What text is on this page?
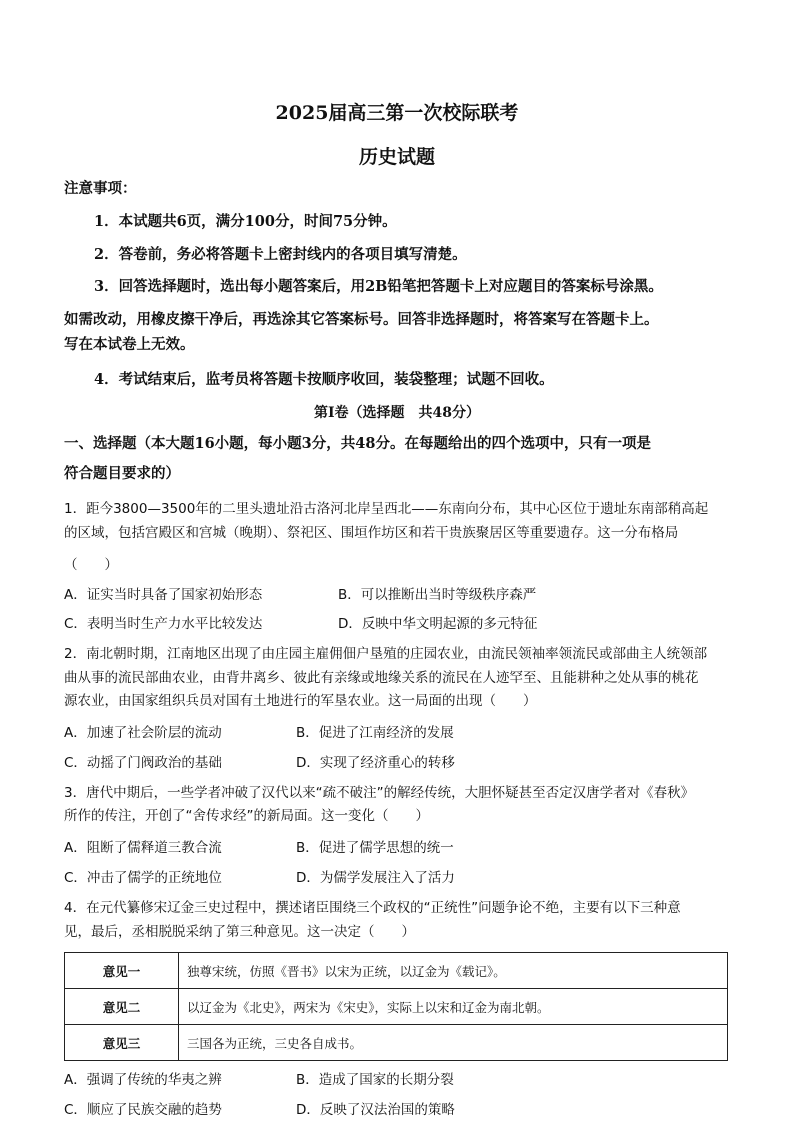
2025届高三第一次校际联考
历史试题
注意事项：
1．本试题共6页，满分100分，时间75分钟。
2．答卷前，务必将答题卡上密封线内的各项目填写清楚。
3．回答选择题时，选出每小题答案后，用2B铅笔把答题卡上对应题目的答案标号涂黑。
如需改动，用橡皮擦干净后，再选涂其它答案标号。回答非选择题时，将答案写在答题卡上。
写在本试卷上无效。
4．考试结束后，监考员将答题卡按顺序收回，装袋整理；试题不回收。
第Ⅰ卷（选择题　共48分）
一、选择题（本大题16小题，每小题3分，共48分。在每题给出的四个选项中，只有一项是
符合题目要求的）
1．距今3800—3500年的二里头遗址沿古洛河北岸呈西北——东南向分布，其中心区位于遗址东南部稍高起
的区域，包括宫殿区和宫城（晚期）、祭祀区、围垣作坊区和若干贵族聚居区等重要遗存。这一分布格局
（　　）
A．证实当时具备了国家初始形态	B．可以推断出当时等级秩序森严
C．表明当时生产力水平比较发达	D．反映中华文明起源的多元特征
2．南北朝时期，江南地区出现了由庄园主雇佣佃户垦殖的庄园农业，由流民领袖率领流民或部曲主人统领部
曲从事的流民部曲农业，由背井离乡、彼此有亲缘或地缘关系的流民在人迹罕至、且能耕种之处从事的桃花
源农业，由国家组织兵员对国有土地进行的军垦农业。这一局面的出现（　　）
A．加速了社会阶层的流动	B．促进了江南经济的发展
C．动摇了门阀政治的基础	D．实现了经济重心的转移
3．唐代中期后，一些学者冲破了汉代以来“疏不破注”的解经传统，大胆怀疑甚至否定汉唐学者对《春秋》
所作的传注，开创了“舍传求经”的新局面。这一变化（　　）
A．阻断了儒释道三教合流	B．促进了儒学思想的统一
C．冲击了儒学的正统地位	D．为儒学发展注入了活力
4．在元代纂修宋辽金三史过程中，撰述诸臣围绕三个政权的“正统性”问题争论不绝，主要有以下三种意
见，最后，丞相脱脱采纳了第三种意见。这一决定（　　）
意见一	独尊宋统，仿照《晋书》以宋为正统，以辽金为《载记》。
意见二	以辽金为《北史》，两宋为《宋史》，实际上以宋和辽金为南北朝。
意见三	三国各为正统，三史各自成书。
A．强调了传统的华夷之辨	B．造成了国家的长期分裂
C．顺应了民族交融的趋势	D．反映了汉法治国的策略
